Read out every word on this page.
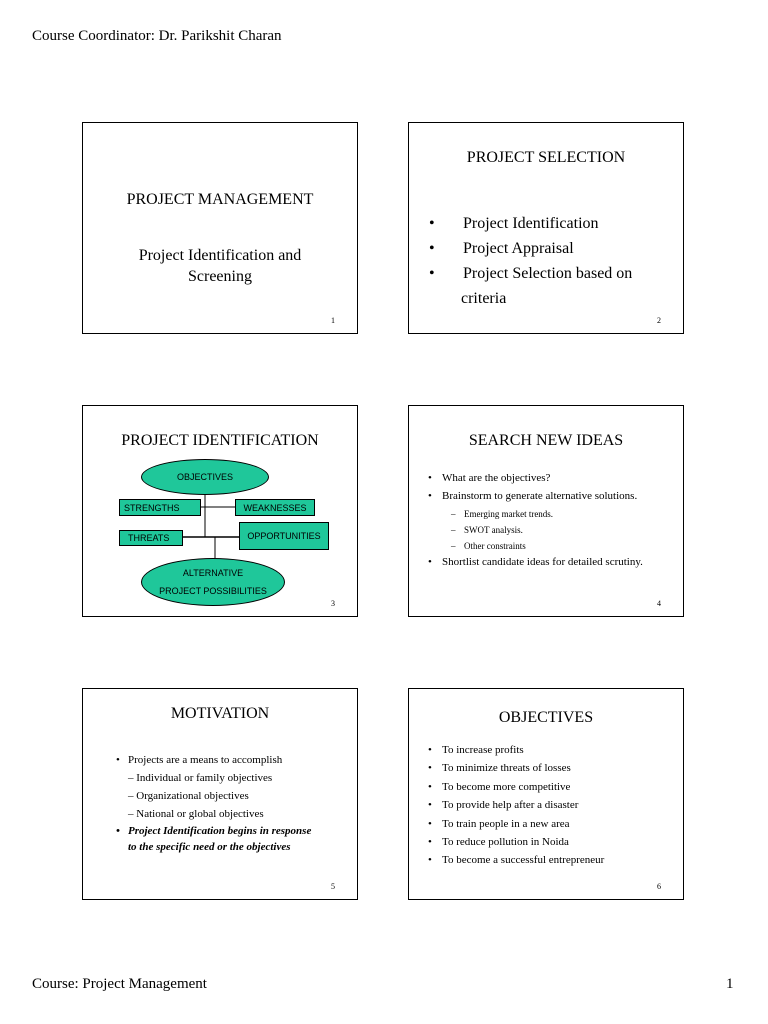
Course Coordinator: Dr. Parikshit Charan
PROJECT MANAGEMENT
Project Identification and Screening
1
PROJECT SELECTION
• Project Identification
• Project Appraisal
• Project Selection based on
criteria
2
PROJECT IDENTIFICATION
OBJECTIVES
STRENGTHS	WEAKNESSES
THREATS	OPPORTUNITIES
ALTERNATIVE
PROJECT POSSIBILITIES
3
SEARCH NEW IDEAS
• What are the objectives?
• Brainstorm to generate alternative solutions.
– Emerging market trends.
– SWOT analysis.
– Other constraints
• Shortlist candidate ideas for detailed scrutiny.
4
MOTIVATION
• Projects are a means to accomplish
– Individual or family objectives
– Organizational objectives
– National or global objectives
• Project Identification begins in response
to the specific need or the objectives
5
OBJECTIVES
• To increase profits
• To minimize threats of losses
• To become more competitive
• To provide help after a disaster
• To train people in a new area
• To reduce pollution in Noida
• To become a successful entrepreneur
6
Course: Project Management	1
